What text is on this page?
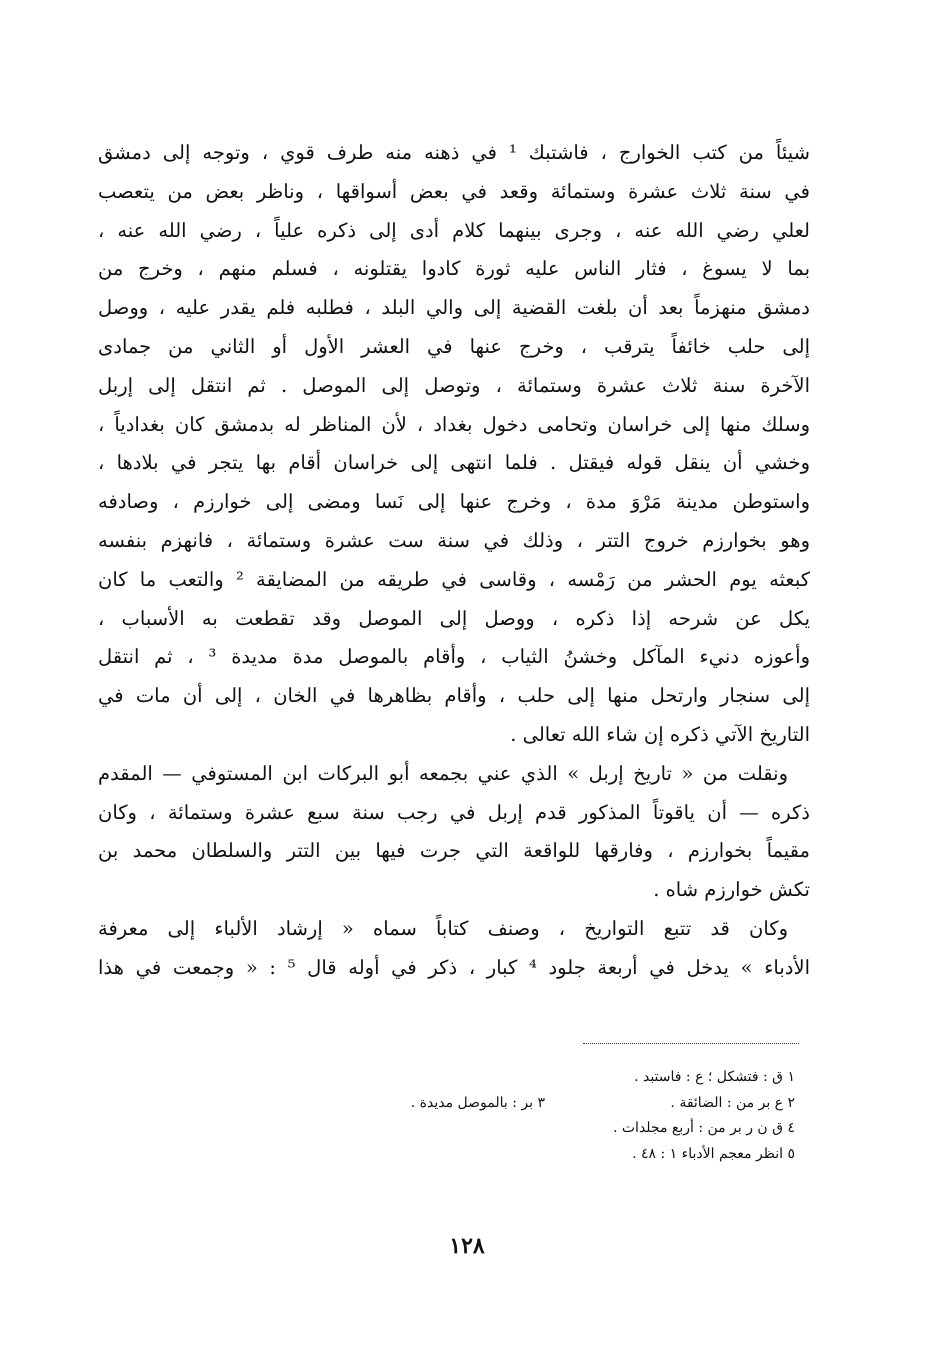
شيئاً من كتب الخوارج ، فاشتبك ¹ في ذهنه منه طرف قوي ، وتوجه إلى دمشق
في سنة ثلاث عشرة وستمائة وقعد في بعض أسواقها ، وناظر بعض من يتعصب
لعلي رضي الله عنه ، وجرى بينهما كلام أدى إلى ذكره علياً ، رضي الله عنه ،
بما لا يسوغ ، فثار الناس عليه ثورة كادوا يقتلونه ، فسلم منهم ، وخرج من
دمشق منهزماً بعد أن بلغت القضية إلى والي البلد ، فطلبه فلم يقدر عليه ، ووصل
إلى حلب خائفاً يترقب ، وخرج عنها في العشر الأول أو الثاني من جمادى
الآخرة سنة ثلاث عشرة وستمائة ، وتوصل إلى الموصل . ثم انتقل إلى إربل
وسلك منها إلى خراسان وتحامى دخول بغداد ، لأن المناظر له بدمشق كان بغدادياً ،
وخشي أن ينقل قوله فيقتل . فلما انتهى إلى خراسان أقام بها يتجر في بلادها ،
واستوطن مدينة مَرْوَ مدة ، وخرج عنها إلى نَسا ومضى إلى خوارزم ، وصادفه
وهو بخوارزم خروج التتر ، وذلك في سنة ست عشرة وستمائة ، فانهزم بنفسه
كبعثه يوم الحشر من رَمْسه ، وقاسى في طريقه من المضايقة ² والتعب ما كان
يكل عن شرحه إذا ذكره ، ووصل إلى الموصل وقد تقطعت به الأسباب ،
وأعوزه دنيء المآكل وخشنُ الثياب ، وأقام بالموصل مدة مديدة ³ ، ثم انتقل
إلى سنجار وارتحل منها إلى حلب ، وأقام بظاهرها في الخان ، إلى أن مات في
التاريخ الآتي ذكره إن شاء الله تعالى .
ونقلت من « تاريخ إربل » الذي عني بجمعه أبو البركات ابن المستوفي — المقدم
ذكره — أن ياقوتاً المذكور قدم إربل في رجب سنة سبع عشرة وستمائة ، وكان
مقيماً بخوارزم ، وفارقها للواقعة التي جرت فيها بين التتر والسلطان محمد بن
تكش خوارزم شاه .
وكان قد تتبع التواريخ ، وصنف كتاباً سماه « إرشاد الألباء إلى معرفة
الأدباء » يدخل في أربعة جلود ⁴ كبار ، ذكر في أوله قال ⁵ : « وجمعت في هذا
١ ق : فتشكل ؛ ع : فاستبد .
٢ ع بر من : الضائقة .
٣ بر : بالموصل مديدة .
٤ ق ن ر بر من : أربع مجلدات .
٥ انظر معجم الأدباء ١ : ٤٨ .
١٢٨
